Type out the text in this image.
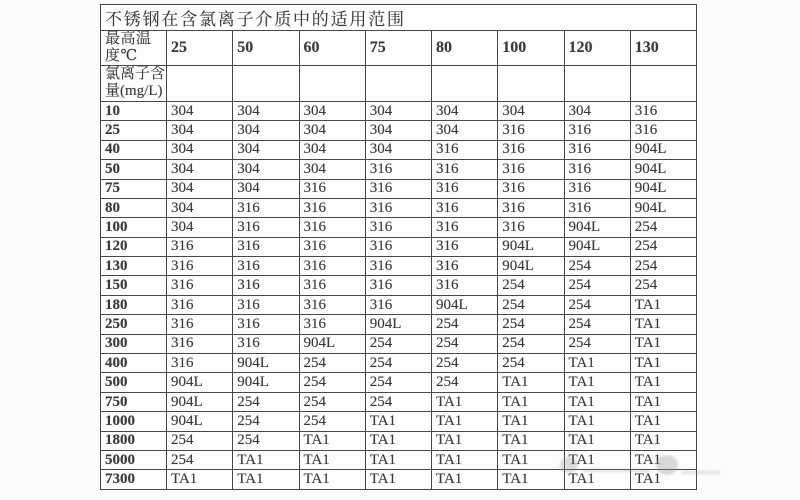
不锈钢在含氯离子介质中的适用范围								
最高温
度℃	25	50	60	75	80	100	120	130
氯离子含
量(mg/L)								
10	304	304	304	304	304	304	304	316
25	304	304	304	304	304	316	316	316
40	304	304	304	304	316	316	316	904L
50	304	304	304	316	316	316	316	904L
75	304	304	316	316	316	316	316	904L
80	304	316	316	316	316	316	316	904L
100	304	316	316	316	316	316	904L	254
120	316	316	316	316	316	904L	904L	254
130	316	316	316	316	316	904L	254	254
150	316	316	316	316	316	254	254	254
180	316	316	316	316	904L	254	254	TA1
250	316	316	316	904L	254	254	254	TA1
300	316	316	904L	254	254	254	254	TA1
400	316	904L	254	254	254	254	TA1	TA1
500	904L	904L	254	254	254	TA1	TA1	TA1
750	904L	254	254	254	TA1	TA1	TA1	TA1
1000	904L	254	254	TA1	TA1	TA1	TA1	TA1
1800	254	254	TA1	TA1	TA1	TA1	TA1	TA1
5000	254	TA1	TA1	TA1	TA1	TA1	TA1	TA1
7300	TA1	TA1	TA1	TA1	TA1	TA1	TA1	TA1
